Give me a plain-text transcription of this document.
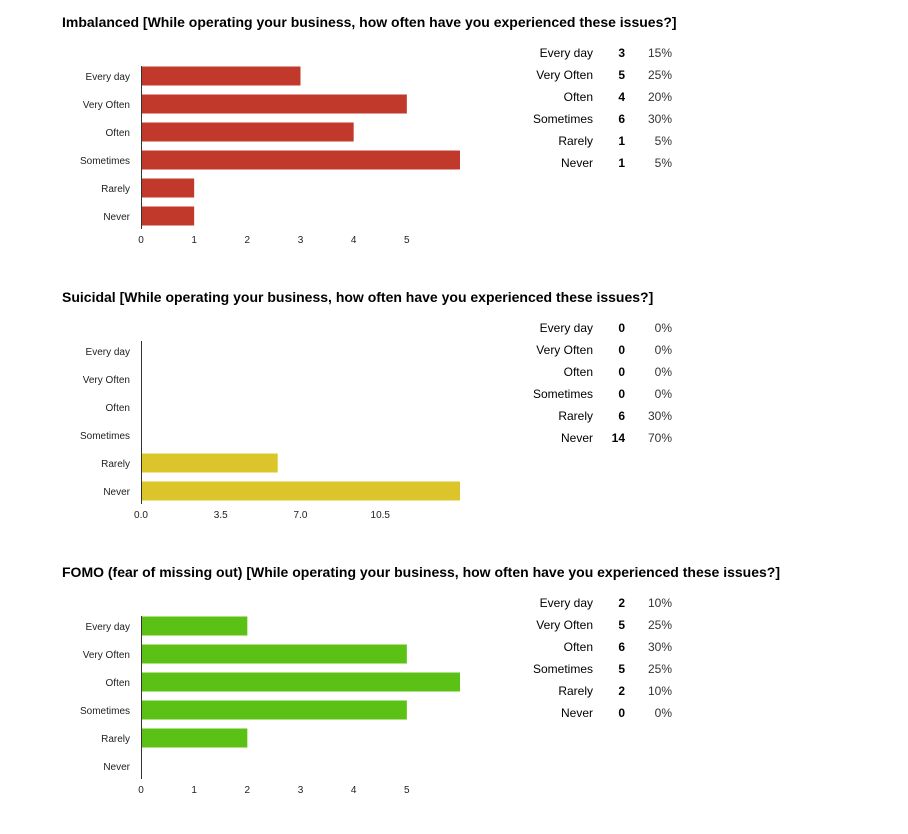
Imbalanced [While operating your business, how often have you experienced these issues?]
Every day
Very Often
Often
Sometimes
Rarely
Never
0	1	2	3	4	5
Every day	3	15%
Very Often	5	25%
Often	4	20%
Sometimes	6	30%
Rarely	1	5%
Never	1	5%
Suicidal [While operating your business, how often have you experienced these issues?]
Every day
Very Often
Often
Sometimes
Rarely
Never
0.0	3.5	7.0	10.5
Every day	0	0%
Very Often	0	0%
Often	0	0%
Sometimes	0	0%
Rarely	6	30%
Never	14	70%
FOMO (fear of missing out) [While operating your business, how often have you experienced these issues?]
Every day
Very Often
Often
Sometimes
Rarely
Never
0	1	2	3	4	5
Every day	2	10%
Very Often	5	25%
Often	6	30%
Sometimes	5	25%
Rarely	2	10%
Never	0	0%
